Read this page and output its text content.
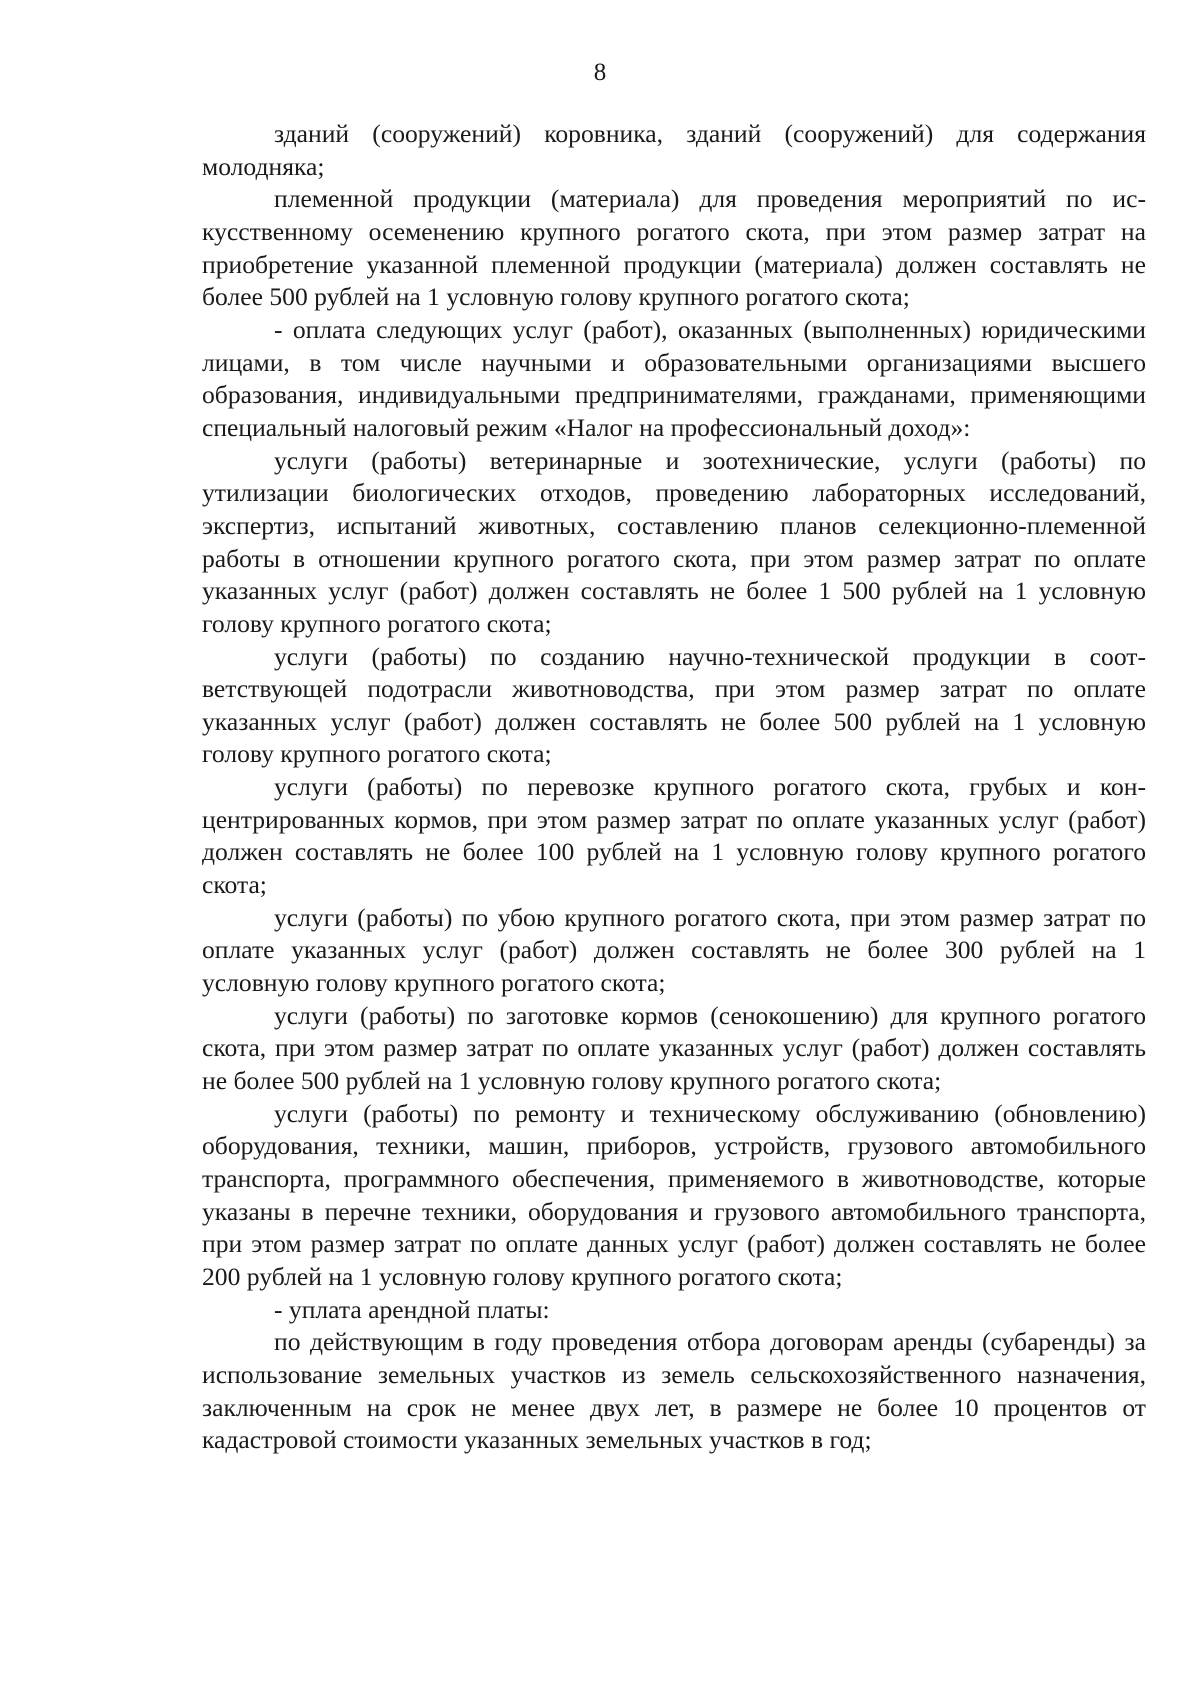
8

зданий (сооружений) коровника, зданий (сооружений) для содержания молодняка;

племенной продукции (материала) для проведения мероприятий по искусственному осеменению крупного рогатого скота, при этом размер затрат на приобретение указанной племенной продукции (материала) должен составлять не более 500 рублей на 1 условную голову крупного рогатого скота;

- оплата следующих услуг (работ), оказанных (выполненных) юридическими лицами, в том числе научными и образовательными организациями высшего образования, индивидуальными предпринимателями, гражданами, применяющими специальный налоговый режим «Налог на профессиональный доход»:

услуги (работы) ветеринарные и зоотехнические, услуги (работы) по утилизации биологических отходов, проведению лабораторных исследований, экспертиз, испытаний животных, составлению планов селекционно-племенной работы в отношении крупного рогатого скота, при этом размер затрат по оплате указанных услуг (работ) должен составлять не более 1 500 рублей на 1 условную голову крупного рогатого скота;

услуги (работы) по созданию научно-технической продукции в соответствующей подотрасли животноводства, при этом размер затрат по оплате указанных услуг (работ) должен составлять не более 500 рублей на 1 условную голову крупного рогатого скота;

услуги (работы) по перевозке крупного рогатого скота, грубых и концентрированных кормов, при этом размер затрат по оплате указанных услуг (работ) должен составлять не более 100 рублей на 1 условную голову крупного рогатого скота;

услуги (работы) по убою крупного рогатого скота, при этом размер затрат по оплате указанных услуг (работ) должен составлять не более 300 рублей на 1 условную голову крупного рогатого скота;

услуги (работы) по заготовке кормов (сенокошению) для крупного рогатого скота, при этом размер затрат по оплате указанных услуг (работ) должен составлять не более 500 рублей на 1 условную голову крупного рогатого скота;

услуги (работы) по ремонту и техническому обслуживанию (обновлению) оборудования, техники, машин, приборов, устройств, грузового автомобильного транспорта, программного обеспечения, применяемого в животноводстве, которые указаны в перечне техники, оборудования и грузового автомобильного транспорта, при этом размер затрат по оплате данных услуг (работ) должен составлять не более 200 рублей на 1 условную голову крупного рогатого скота;

- уплата арендной платы:

по действующим в году проведения отбора договорам аренды (субаренды) за использование земельных участков из земель сельскохозяйственного назначения, заключенным на срок не менее двух лет, в размере не более 10 процентов от кадастровой стоимости указанных земельных участков в год;
